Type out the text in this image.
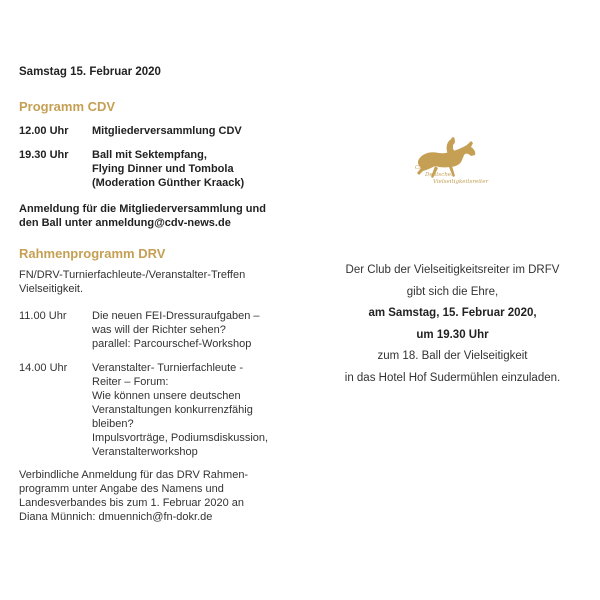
Samstag 15. Februar 2020
Programm CDV
12.00 Uhr Mitgliederversammlung CDV
19.30 Uhr Ball mit Sektempfang,
Flying Dinner und Tombola
(Moderation Günther Kraack)
Anmeldung für die Mitgliederversammlung und
den Ball unter anmeldung@cdv-news.de
Rahmenprogramm DRV
FN/DRV-Turnierfachleute-/Veranstalter-Treffen
Vielseitigkeit.
11.00 Uhr Die neuen FEI-Dressuraufgaben –
was will der Richter sehen?
parallel: Parcourschef-Workshop
14.00 Uhr Veranstalter- Turnierfachleute -
Reiter – Forum:
Wie können unsere deutschen
Veranstaltungen konkurrenzfähig
bleiben?
Impulsvorträge, Podiumsdiskussion,
Veranstalterworkshop
Verbindliche Anmeldung für das DRV Rahmen-
programm unter Angabe des Namens und
Landesverbandes bis zum 1. Februar 2020 an
Diana Münnich: dmuennich@fn-dokr.de
Club
Deutscher
Vielseitigkeitsreiter
Der Club der Vielseitigkeitsreiter im DRFV
gibt sich die Ehre,
am Samstag, 15. Februar 2020,
um 19.30 Uhr
zum 18. Ball der Vielseitigkeit
in das Hotel Hof Sudermühlen einzuladen.
